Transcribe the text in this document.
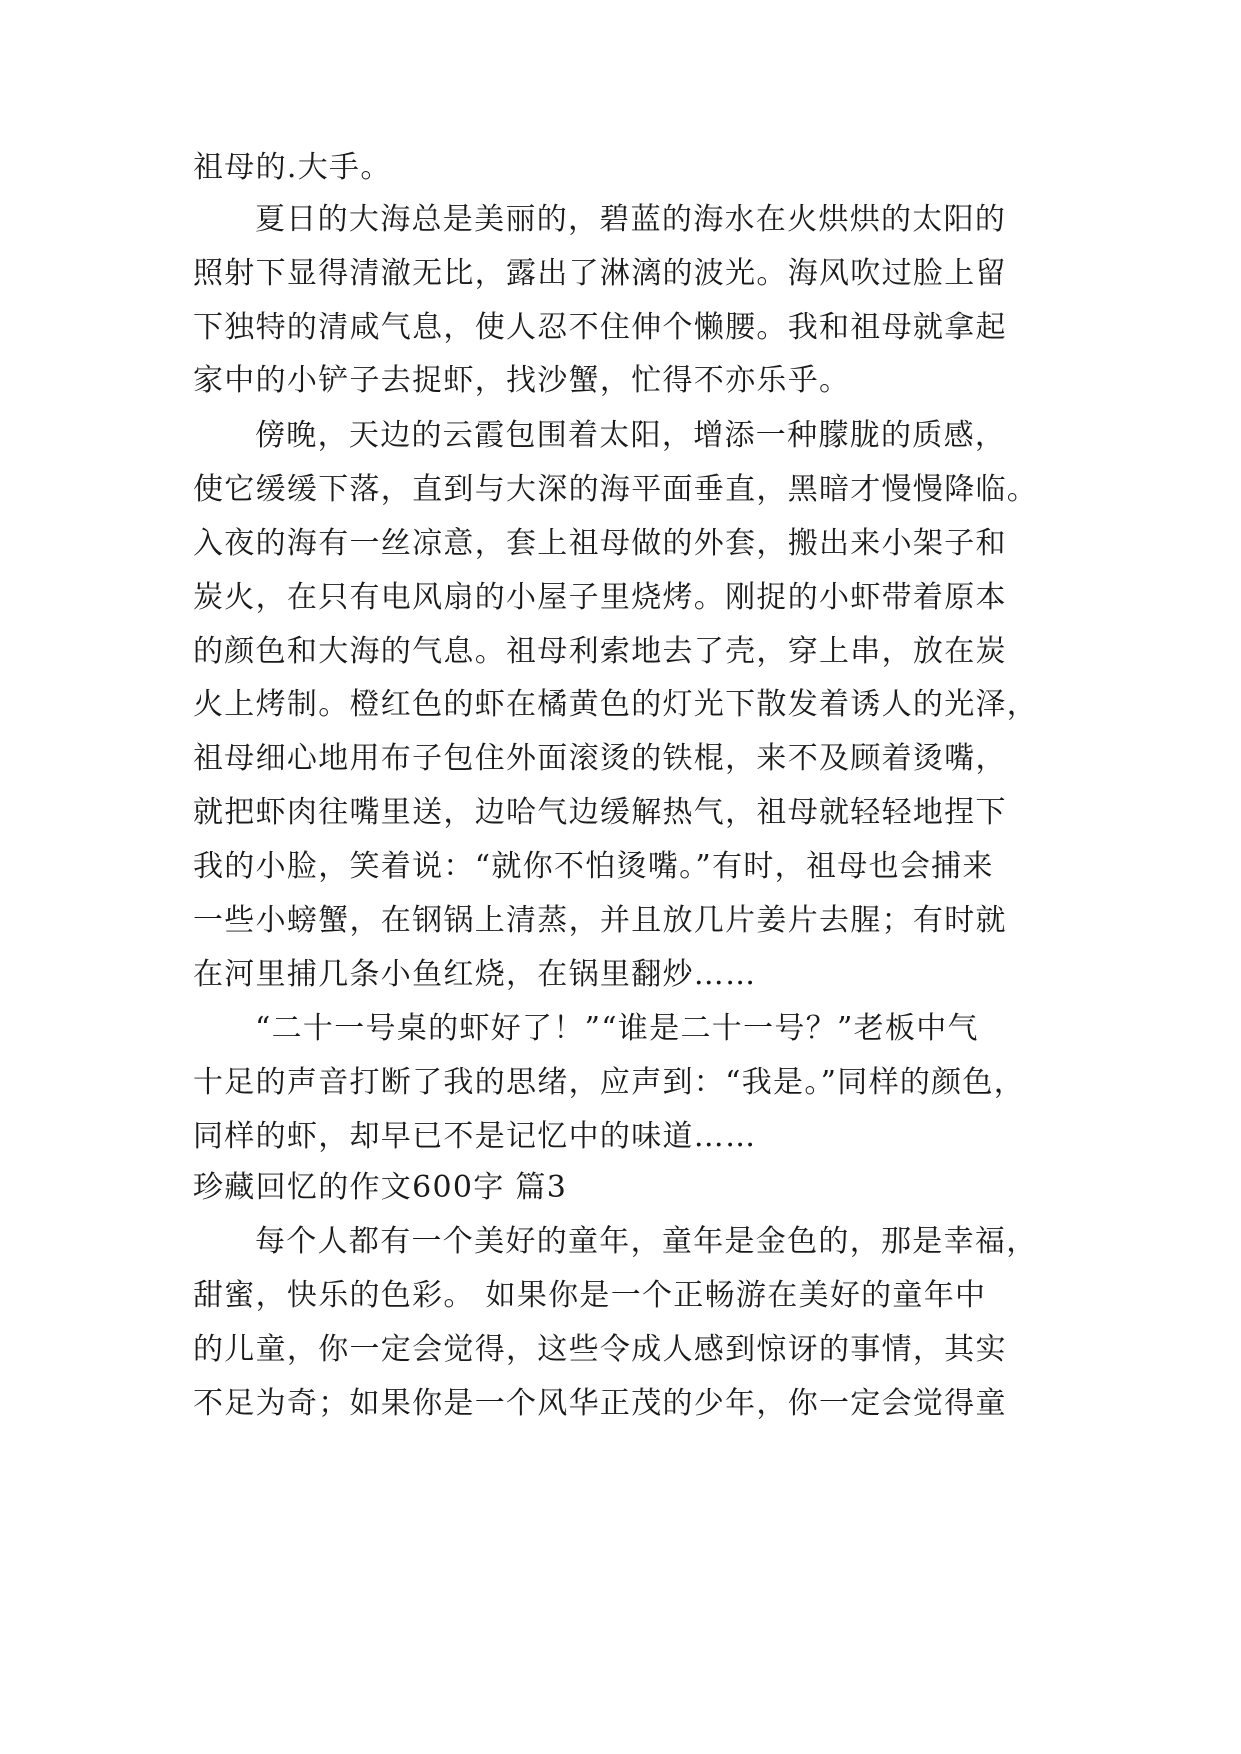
祖母的.大手。
夏日的大海总是美丽的，碧蓝的海水在火烘烘的太阳的
照射下显得清澈无比，露出了淋漓的波光。海风吹过脸上留
下独特的清咸气息，使人忍不住伸个懒腰。我和祖母就拿起
家中的小铲子去捉虾，找沙蟹，忙得不亦乐乎。
傍晚，天边的云霞包围着太阳，增添一种朦胧的质感，
使它缓缓下落，直到与大深的海平面垂直，黑暗才慢慢降临。
入夜的海有一丝凉意，套上祖母做的外套，搬出来小架子和
炭火，在只有电风扇的小屋子里烧烤。刚捉的小虾带着原本
的颜色和大海的气息。祖母利索地去了壳，穿上串，放在炭
火上烤制。橙红色的虾在橘黄色的灯光下散发着诱人的光泽，
祖母细心地用布子包住外面滚烫的铁棍，来不及顾着烫嘴，
就把虾肉往嘴里送，边哈气边缓解热气，祖母就轻轻地捏下
我的小脸，笑着说：“就你不怕烫嘴。”有时，祖母也会捕来
一些小螃蟹，在钢锅上清蒸，并且放几片姜片去腥；有时就
在河里捕几条小鱼红烧，在锅里翻炒……
“二十一号桌的虾好了！”“谁是二十一号？”老板中气
十足的声音打断了我的思绪，应声到：“我是。”同样的颜色，
同样的虾，却早已不是记忆中的味道……
珍藏回忆的作文600字 篇3
每个人都有一个美好的童年，童年是金色的，那是幸福，
甜蜜，快乐的色彩。 如果你是一个正畅游在美好的童年中
的儿童，你一定会觉得，这些令成人感到惊讶的事情，其实
不足为奇；如果你是一个风华正茂的少年，你一定会觉得童
